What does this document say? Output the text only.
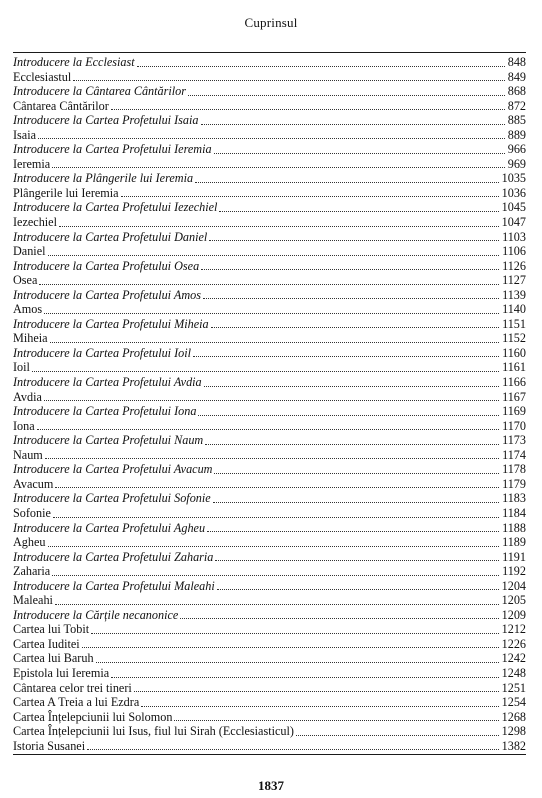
Cuprinsul
Introducere la Ecclesiast	848
Ecclesiastul	849
Introducere la Cântarea Cântărilor	868
Cântarea Cântărilor	872
Introducere la Cartea Profetului Isaia	885
Isaia	889
Introducere la Cartea Profetului Ieremia	966
Ieremia	969
Introducere la Plângerile lui Ieremia	1035
Plângerile lui Ieremia	1036
Introducere la Cartea Profetului Iezechiel	1045
Iezechiel	1047
Introducere la Cartea Profetului Daniel	1103
Daniel	1106
Introducere la Cartea Profetului Osea	1126
Osea	1127
Introducere la Cartea Profetului Amos	1139
Amos	1140
Introducere la Cartea Profetului Miheia	1151
Miheia	1152
Introducere la Cartea Profetului Ioil	1160
Ioil	1161
Introducere la Cartea Profetului Avdia	1166
Avdia	1167
Introducere la Cartea Profetului Iona	1169
Iona	1170
Introducere la Cartea Profetului Naum	1173
Naum	1174
Introducere la Cartea Profetului Avacum	1178
Avacum	1179
Introducere la Cartea Profetului Sofonie	1183
Sofonie	1184
Introducere la Cartea Profetului Agheu	1188
Agheu	1189
Introducere la Cartea Profetului Zaharia	1191
Zaharia	1192
Introducere la Cartea Profetului Maleahi	1204
Maleahi	1205
Introducere la Cărțile necanonice	1209
Cartea lui Tobit	1212
Cartea Iuditei	1226
Cartea lui Baruh	1242
Epistola lui Ieremia	1248
Cântarea celor trei tineri	1251
Cartea A Treia a lui Ezdra	1254
Cartea Înțelepciunii lui Solomon	1268
Cartea Înțelepciunii lui Isus, fiul lui Sirah (Ecclesiasticul)	1298
Istoria Susanei	1382
1837
